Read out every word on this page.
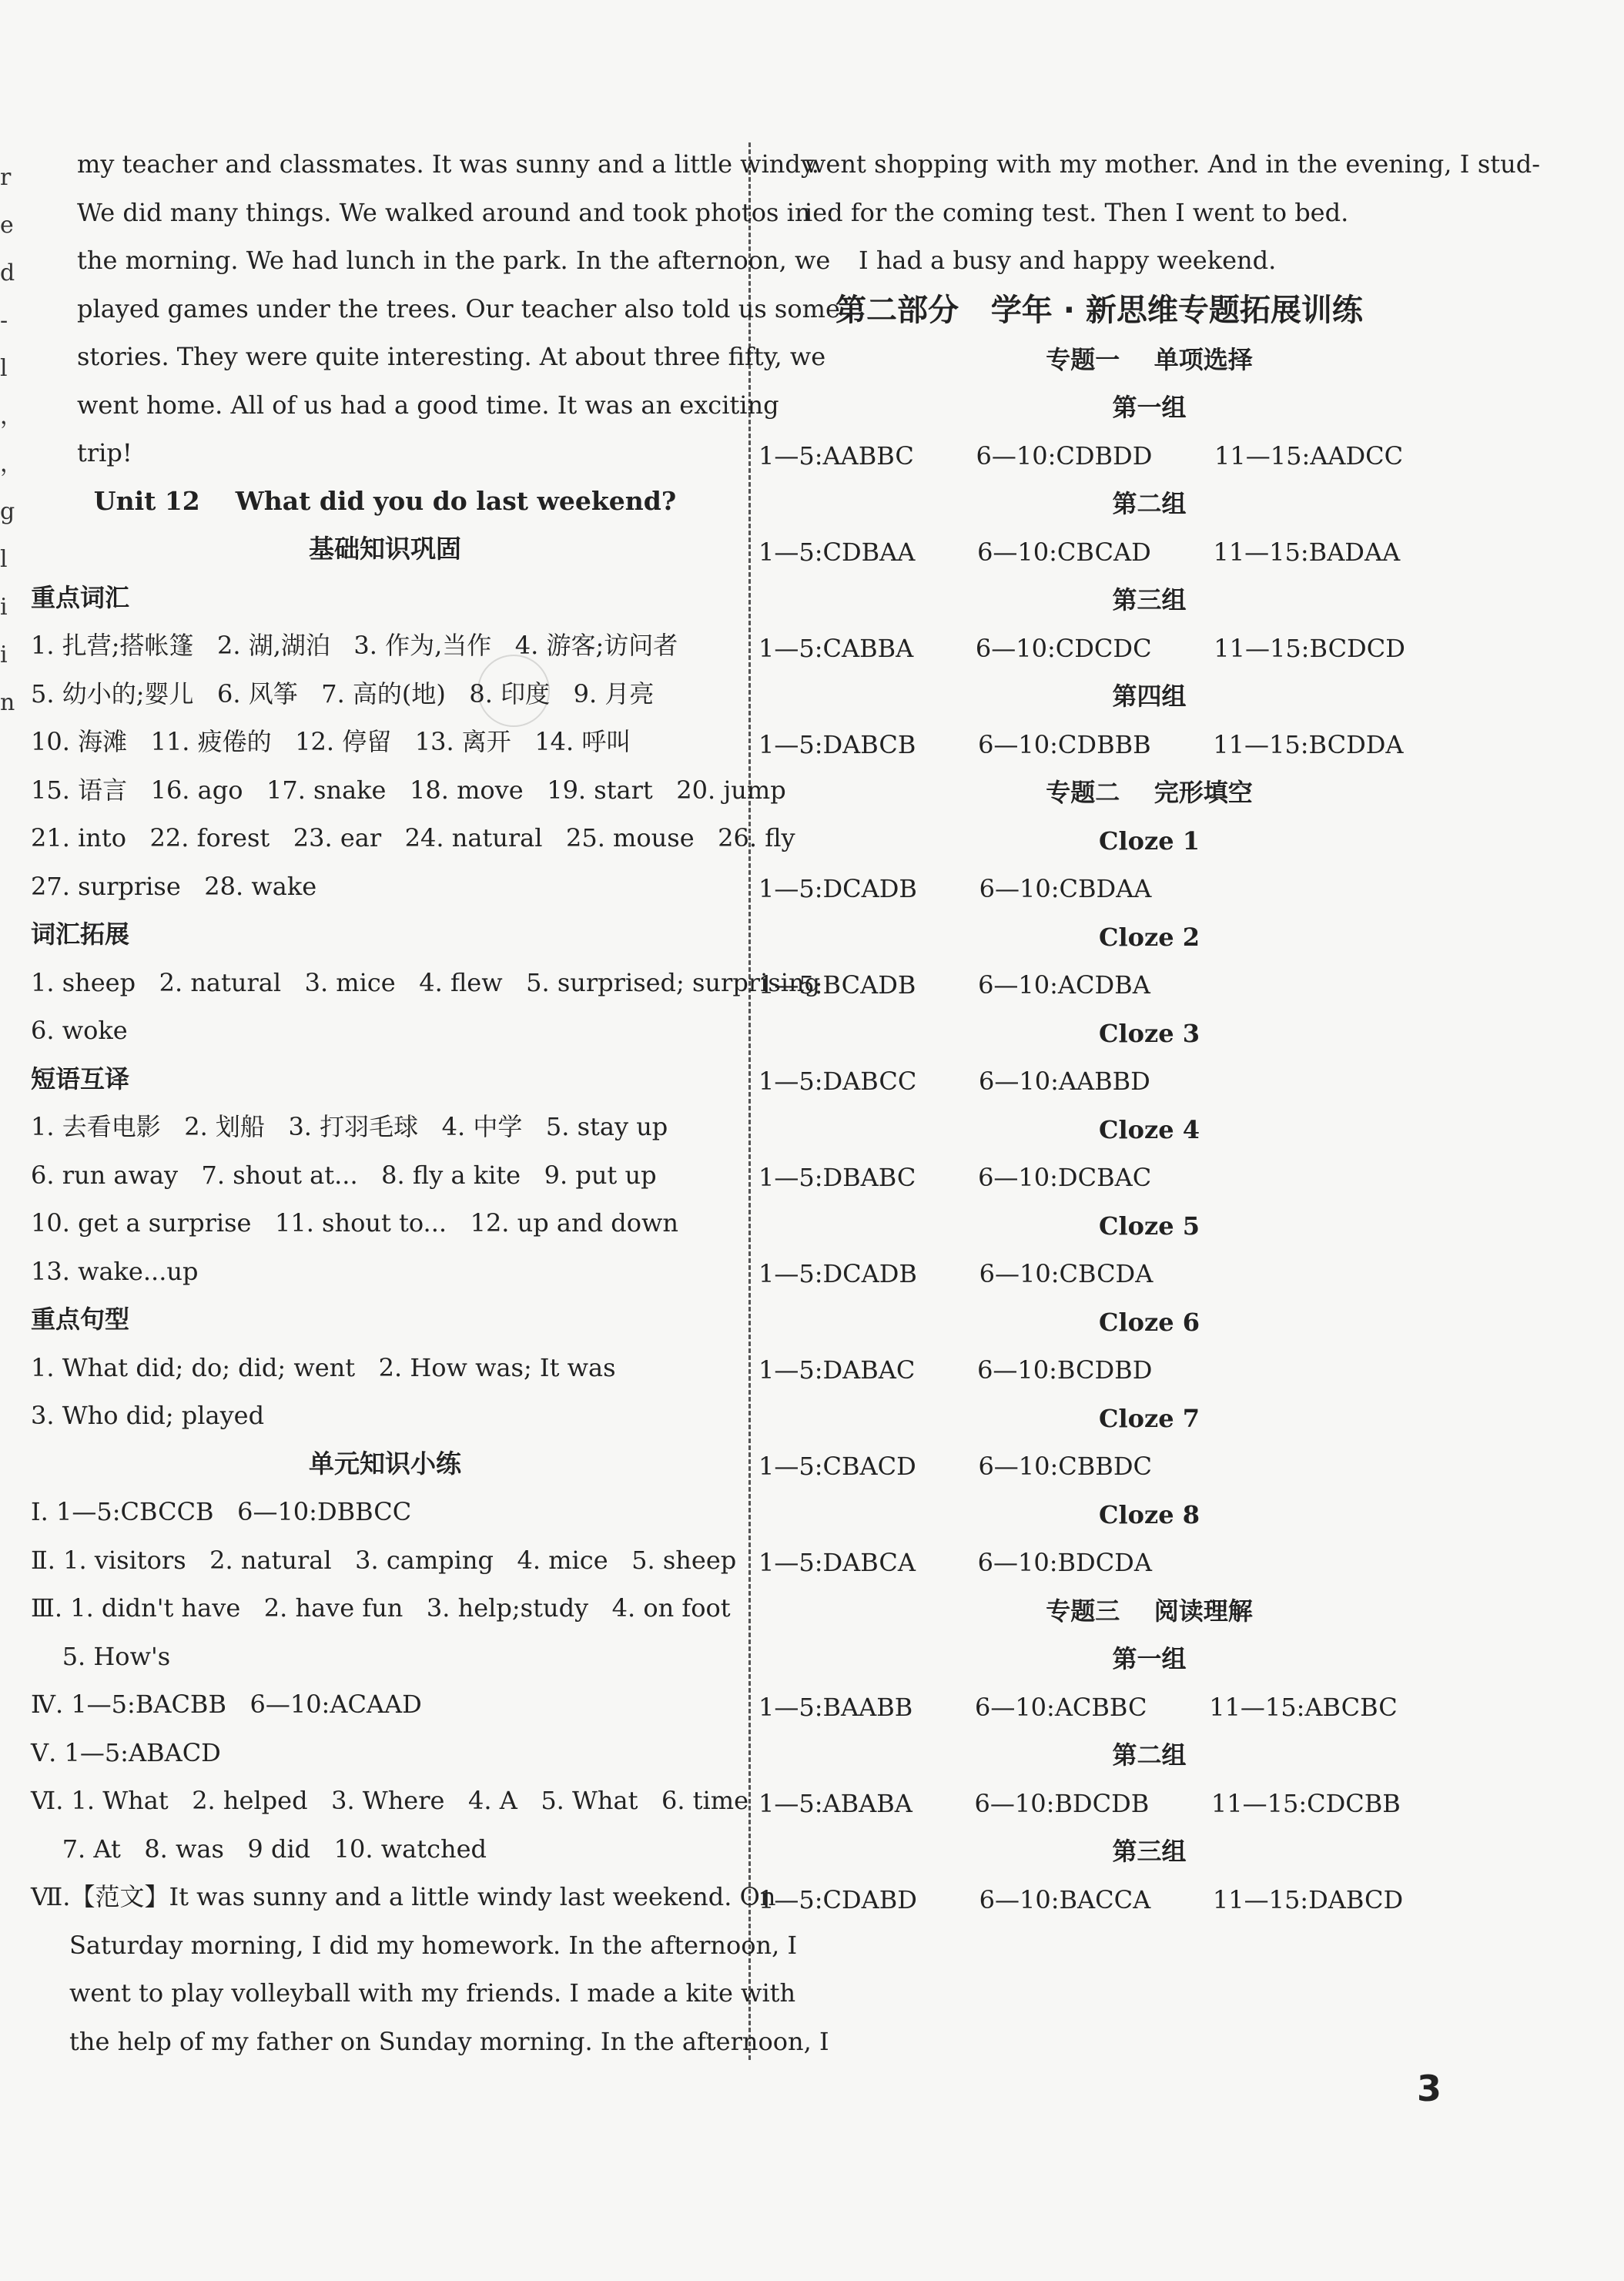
r
e
d
-
l
，
，
g
l
i
i
n
my teacher and classmates. It was sunny and a little windy.
We did many things. We walked around and took photos in
the morning. We had lunch in the park. In the afternoon, we
played games under the trees. Our teacher also told us some
stories. They were quite interesting. At about three fifty, we
went home. All of us had a good time. It was an exciting
trip!
Unit 12    What did you do last weekend?
基础知识巩固
重点词汇
1. 扎营;搭帐篷   2. 湖,湖泊   3. 作为,当作   4. 游客;访问者
5. 幼小的;婴儿   6. 风筝   7. 高的(地)   8. 印度   9. 月亮
10. 海滩   11. 疲倦的   12. 停留   13. 离开   14. 呼叫
15. 语言   16. ago   17. snake   18. move   19. start   20. jump
21. into   22. forest   23. ear   24. natural   25. mouse   26. fly
27. surprise   28. wake
词汇拓展
1. sheep   2. natural   3. mice   4. flew   5. surprised; surprising
6. woke
短语互译
1. 去看电影   2. 划船   3. 打羽毛球   4. 中学   5. stay up
6. run away   7. shout at...   8. fly a kite   9. put up
10. get a surprise   11. shout to...   12. up and down
13. wake...up
重点句型
1. What did; do; did; went   2. How was; It was
3. Who did; played
单元知识小练
Ⅰ. 1—5:CBCCB   6—10:DBBCC
Ⅱ. 1. visitors   2. natural   3. camping   4. mice   5. sheep
Ⅲ. 1. didn't have   2. have fun   3. help;study   4. on foot
5. How's
Ⅳ. 1—5:BACBB   6—10:ACAAD
Ⅴ. 1—5:ABACD
Ⅵ. 1. What   2. helped   3. Where   4. A   5. What   6. time
7. At   8. was   9 did   10. watched
Ⅶ.【范文】It was sunny and a little windy last weekend. On
Saturday morning, I did my homework. In the afternoon, I
went to play volleyball with my friends. I made a kite with
the help of my father on Sunday morning. In the afternoon, I
went shopping with my mother. And in the evening, I stud-
ied for the coming test. Then I went to bed.
I had a busy and happy weekend.
第二部分   学年 · 新思维专题拓展训练
专题一    单项选择
第一组
1—5:AABBC    6—10:CDBDD    11—15:AADCC
第二组
1—5:CDBAA    6—10:CBCAD    11—15:BADAA
第三组
1—5:CABBA    6—10:CDCDC    11—15:BCDCD
第四组
1—5:DABCB    6—10:CDBBB    11—15:BCDDA
专题二    完形填空
Cloze 1
1—5:DCADB    6—10:CBDAA
Cloze 2
1—5:BCADB    6—10:ACDBA
Cloze 3
1—5:DABCC    6—10:AABBD
Cloze 4
1—5:DBABC    6—10:DCBAC
Cloze 5
1—5:DCADB    6—10:CBCDA
Cloze 6
1—5:DABAC    6—10:BCDBD
Cloze 7
1—5:CBACD    6—10:CBBDC
Cloze 8
1—5:DABCA    6—10:BDCDA
专题三    阅读理解
第一组
1—5:BAABB    6—10:ACBBC    11—15:ABCBC
第二组
1—5:ABABA    6—10:BDCDB    11—15:CDCBB
第三组
1—5:CDABD    6—10:BACCA    11—15:DABCD
3
